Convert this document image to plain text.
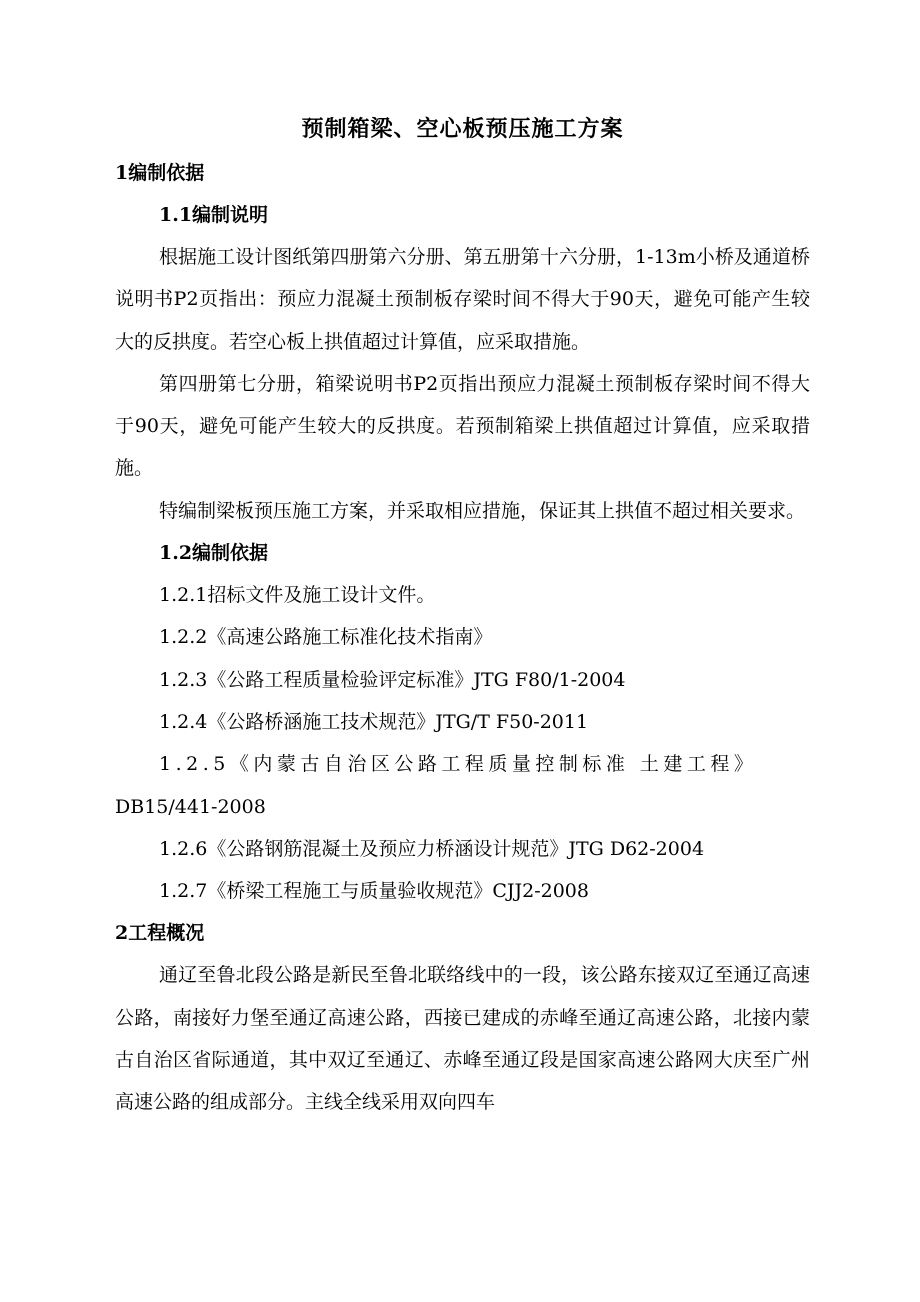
预制箱梁、空心板预压施工方案
1编制依据
1.1编制说明

根据施工设计图纸第四册第六分册、第五册第十六分册，1-13m小桥及通道桥说明书P2页指出：预应力混凝土预制板存梁时间不得大于90天，避免可能产生较大的反拱度。若空心板上拱值超过计算值，应采取措施。

第四册第七分册，箱梁说明书P2页指出预应力混凝土预制板存梁时间不得大于90天，避免可能产生较大的反拱度。若预制箱梁上拱值超过计算值，应采取措施。

特编制梁板预压施工方案，并采取相应措施，保证其上拱值不超过相关要求。

1.2编制依据

1.2.1招标文件及施工设计文件。

1.2.2《高速公路施工标准化技术指南》

1.2.3《公路工程质量检验评定标准》JTG F80/1-2004

1.2.4《公路桥涵施工技术规范》JTG/T F50-2011

1.2.5《内蒙古自治区公路工程质量控制标准 土建工程》

DB15/441-2008

1.2.6《公路钢筋混凝土及预应力桥涵设计规范》JTG D62-2004

1.2.7《桥梁工程施工与质量验收规范》CJJ2-2008

2工程概况

通辽至鲁北段公路是新民至鲁北联络线中的一段，该公路东接双辽至通辽高速公路，南接好力堡至通辽高速公路，西接已建成的赤峰至通辽高速公路，北接内蒙古自治区省际通道，其中双辽至通辽、赤峰至通辽段是国家高速公路网大庆至广州高速公路的组成部分。主线全线采用双向四车
